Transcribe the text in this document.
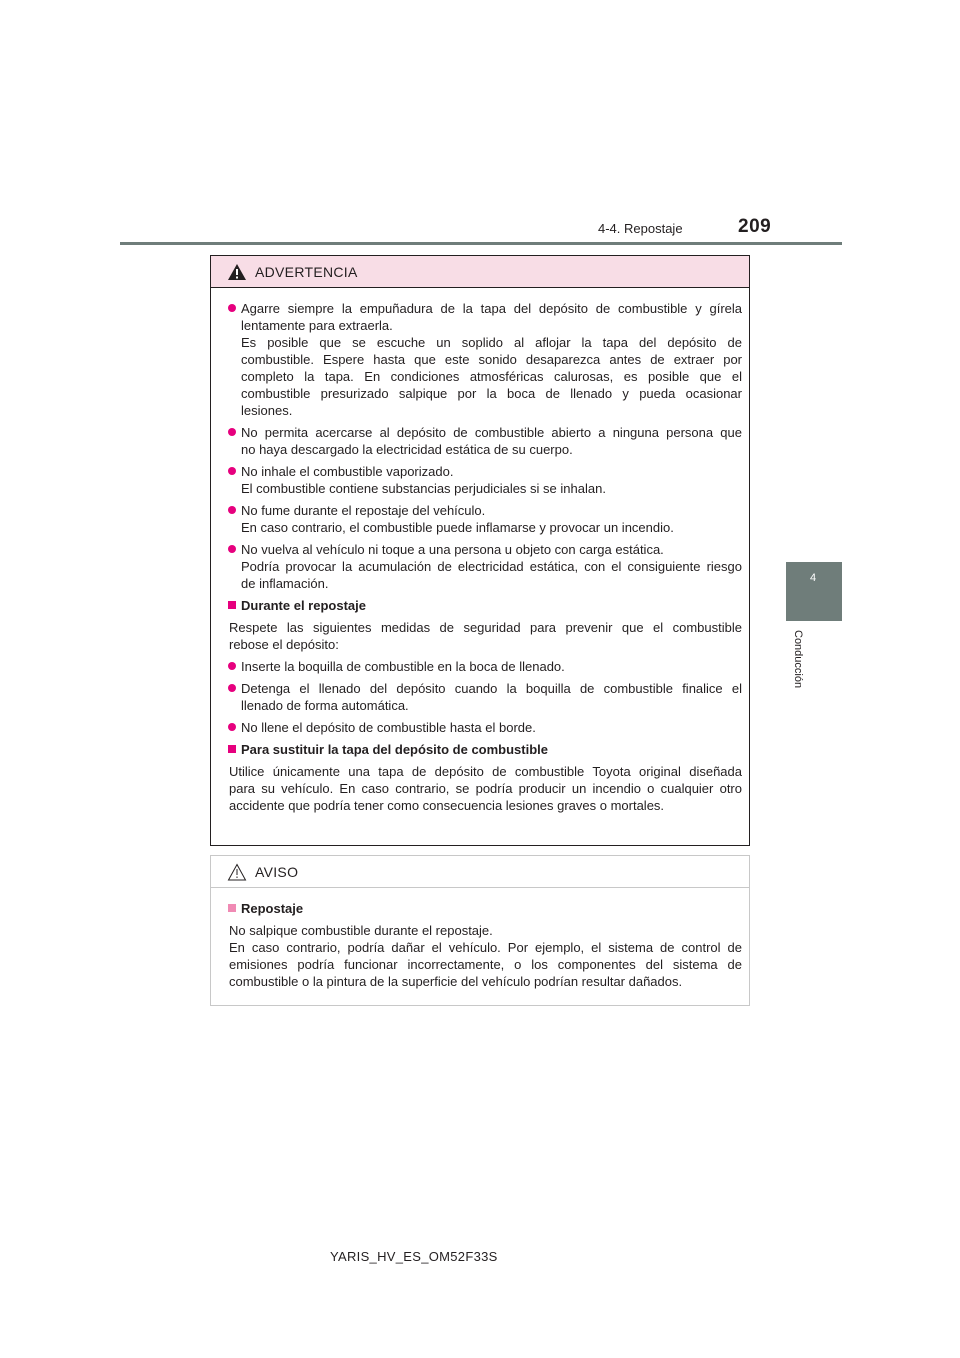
209
4-4. Repostaje
4
Conducción
ADVERTENCIA
Agarre siempre la empuñadura de la tapa del depósito de combustible y gírela
lentamente para extraerla.
Es posible que se escuche un soplido al aflojar la tapa del depósito de
combustible. Espere hasta que este sonido desaparezca antes de extraer por
completo la tapa. En condiciones atmosféricas calurosas, es posible que el
combustible presurizado salpique por la boca de llenado y pueda ocasionar
lesiones.
No permita acercarse al depósito de combustible abierto a ninguna persona que
no haya descargado la electricidad estática de su cuerpo.
No inhale el combustible vaporizado.
El combustible contiene substancias perjudiciales si se inhalan.
No fume durante el repostaje del vehículo.
En caso contrario, el combustible puede inflamarse y provocar un incendio.
No vuelva al vehículo ni toque a una persona u objeto con carga estática.
Podría provocar la acumulación de electricidad estática, con el consiguiente riesgo
de inflamación.
Durante el repostaje
Respete las siguientes medidas de seguridad para prevenir que el combustible
rebose el depósito:
Inserte la boquilla de combustible en la boca de llenado.
Detenga el llenado del depósito cuando la boquilla de combustible finalice el
llenado de forma automática.
No llene el depósito de combustible hasta el borde.
Para sustituir la tapa del depósito de combustible
Utilice únicamente una tapa de depósito de combustible Toyota original diseñada
para su vehículo. En caso contrario, se podría producir un incendio o cualquier otro
accidente que podría tener como consecuencia lesiones graves o mortales.
AVISO
Repostaje
No salpique combustible durante el repostaje.
En caso contrario, podría dañar el vehículo. Por ejemplo, el sistema de control de
emisiones podría funcionar incorrectamente, o los componentes del sistema de
combustible o la pintura de la superficie del vehículo podrían resultar dañados.
YARIS_HV_ES_OM52F33S
